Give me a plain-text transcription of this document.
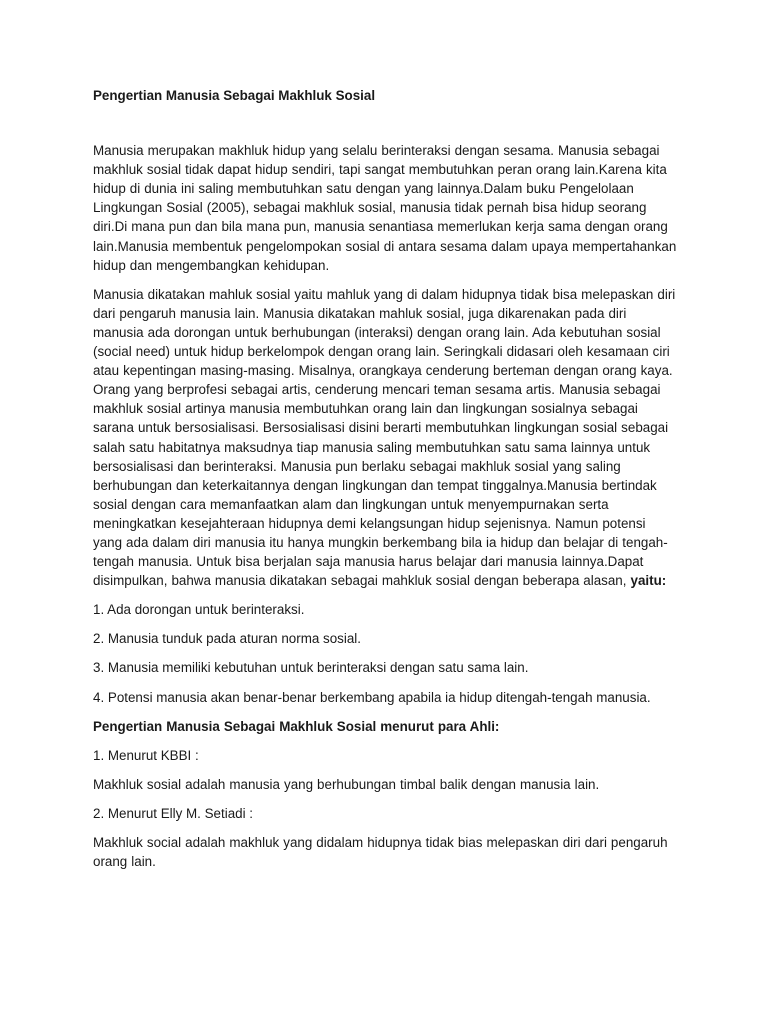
Pengertian Manusia Sebagai Makhluk Sosial

Manusia merupakan makhluk hidup yang selalu berinteraksi dengan sesama. Manusia sebagai makhluk sosial tidak dapat hidup sendiri, tapi sangat membutuhkan peran orang lain.Karena kita hidup di dunia ini saling membutuhkan satu dengan yang lainnya.Dalam buku Pengelolaan Lingkungan Sosial (2005), sebagai makhluk sosial, manusia tidak pernah bisa hidup seorang diri.Di mana pun dan bila mana pun, manusia senantiasa memerlukan kerja sama dengan orang lain.Manusia membentuk pengelompokan sosial di antara sesama dalam upaya mempertahankan hidup dan mengembangkan kehidupan.

Manusia dikatakan mahluk sosial yaitu mahluk yang di dalam hidupnya tidak bisa melepaskan diri dari pengaruh manusia lain. Manusia dikatakan mahluk sosial, juga dikarenakan pada diri manusia ada dorongan untuk berhubungan (interaksi) dengan orang lain. Ada kebutuhan sosial (social need) untuk hidup berkelompok dengan orang lain. Seringkali didasari oleh kesamaan ciri atau kepentingan masing-masing. Misalnya, orangkaya cenderung berteman dengan orang kaya. Orang yang berprofesi sebagai artis, cenderung mencari teman sesama artis. Manusia sebagai makhluk sosial artinya manusia membutuhkan orang lain dan lingkungan sosialnya sebagai sarana untuk bersosialisasi. Bersosialisasi disini berarti membutuhkan lingkungan sosial sebagai salah satu habitatnya maksudnya tiap manusia saling membutuhkan satu sama lainnya untuk bersosialisasi dan berinteraksi. Manusia pun berlaku sebagai makhluk sosial yang saling berhubungan dan keterkaitannya dengan lingkungan dan tempat tinggalnya.Manusia bertindak sosial dengan cara memanfaatkan alam dan lingkungan untuk menyempurnakan serta meningkatkan kesejahteraan hidupnya demi kelangsungan hidup sejenisnya. Namun potensi yang ada dalam diri manusia itu hanya mungkin berkembang bila ia hidup dan belajar di tengah-tengah manusia. Untuk bisa berjalan saja manusia harus belajar dari manusia lainnya.Dapat disimpulkan, bahwa manusia dikatakan sebagai mahkluk sosial dengan beberapa alasan, yaitu:

1. Ada dorongan untuk berinteraksi.

2. Manusia tunduk pada aturan norma sosial.

3. Manusia memiliki kebutuhan untuk berinteraksi dengan satu sama lain.

4. Potensi manusia akan benar-benar berkembang apabila ia hidup ditengah-tengah manusia.

Pengertian Manusia Sebagai Makhluk Sosial menurut para Ahli:

1. Menurut KBBI :

Makhluk sosial adalah manusia yang berhubungan timbal balik dengan manusia lain.

2. Menurut Elly M. Setiadi :

Makhluk social adalah makhluk yang didalam hidupnya tidak bias melepaskan diri dari pengaruh orang lain.
